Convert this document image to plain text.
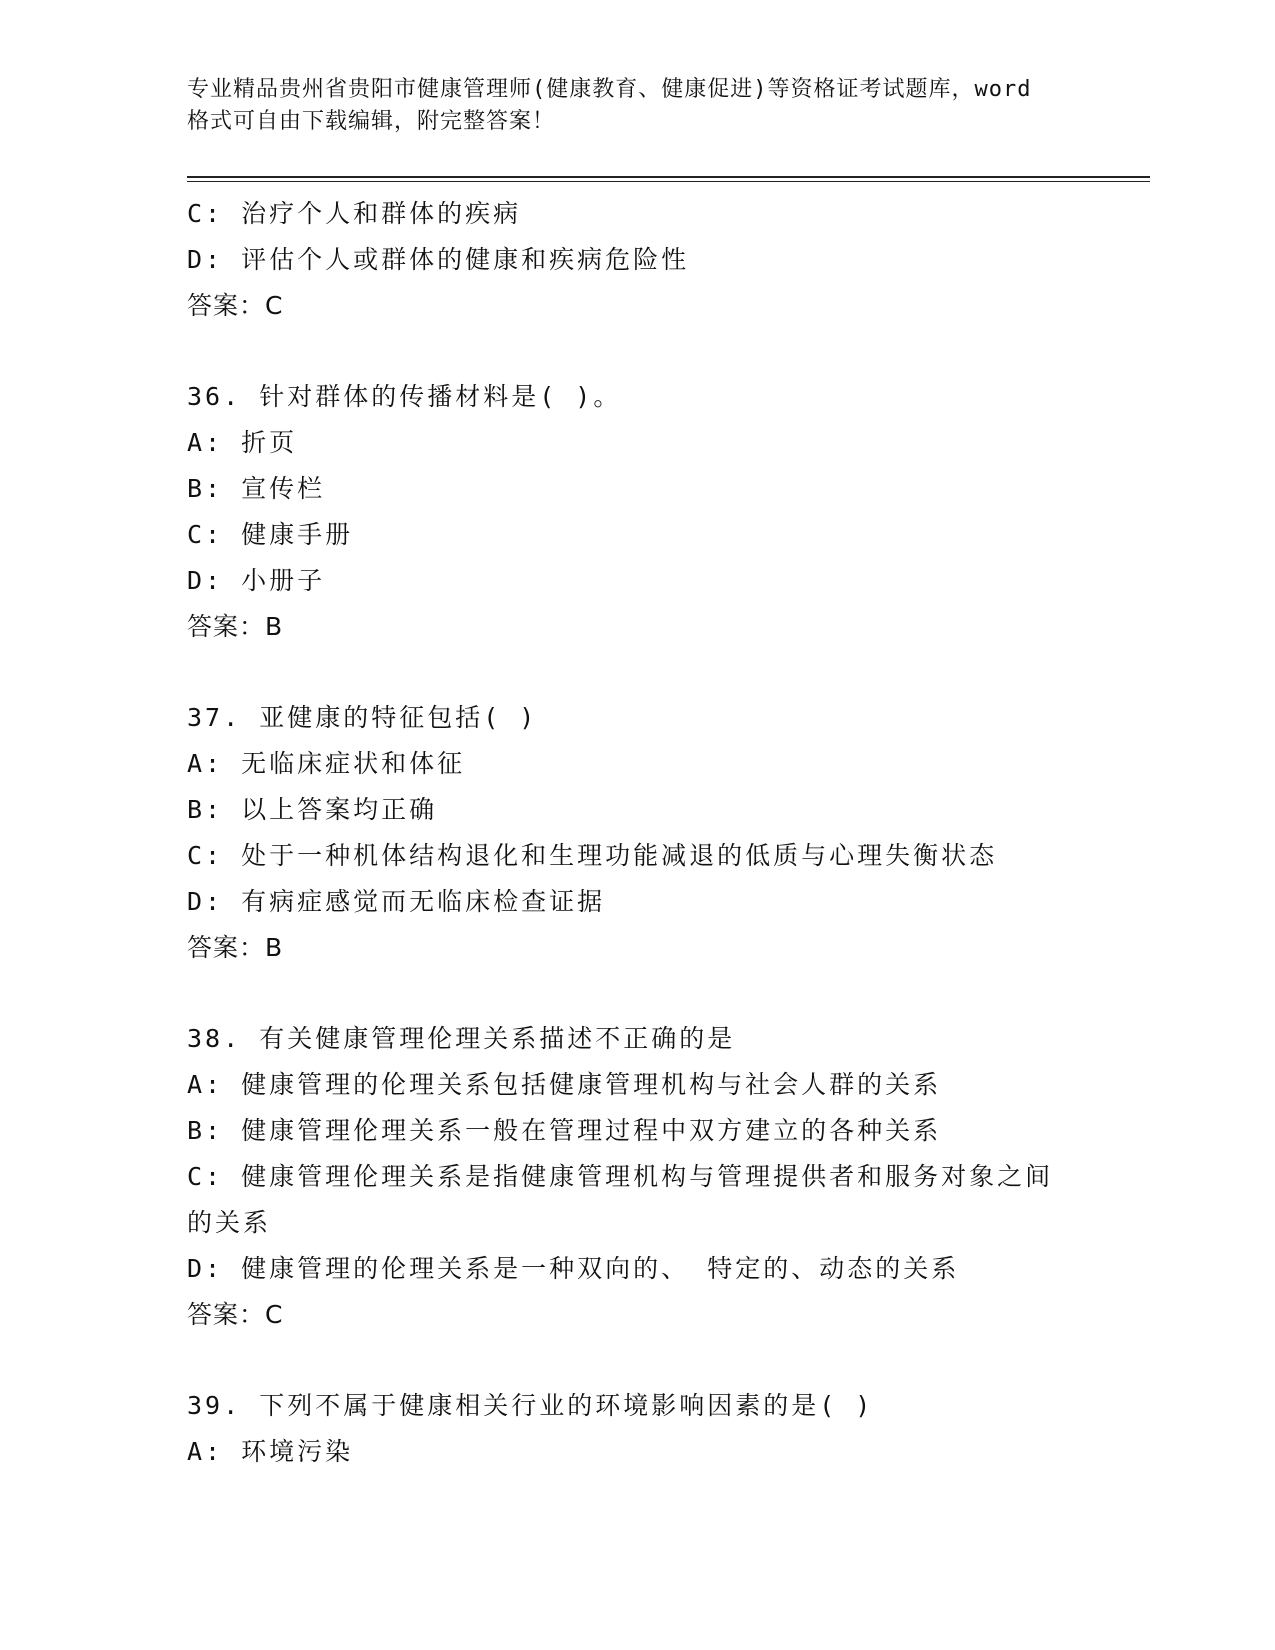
专业精品贵州省贵阳市健康管理师(健康教育、健康促进)等资格证考试题库，word
格式可自由下载编辑，附完整答案！
C: 治疗个人和群体的疾病
D: 评估个人或群体的健康和疾病危险性
答案：C
36. 针对群体的传播材料是( )。
A: 折页
B: 宣传栏
C: 健康手册
D: 小册子
答案：B
37. 亚健康的特征包括( )
A: 无临床症状和体征
B: 以上答案均正确
C: 处于一种机体结构退化和生理功能减退的低质与心理失衡状态
D: 有病症感觉而无临床检查证据
答案：B
38. 有关健康管理伦理关系描述不正确的是
A: 健康管理的伦理关系包括健康管理机构与社会人群的关系
B: 健康管理伦理关系一般在管理过程中双方建立的各种关系
C: 健康管理伦理关系是指健康管理机构与管理提供者和服务对象之间
的关系
D: 健康管理的伦理关系是一种双向的、 特定的、动态的关系
答案：C
39. 下列不属于健康相关行业的环境影响因素的是( )
A: 环境污染
